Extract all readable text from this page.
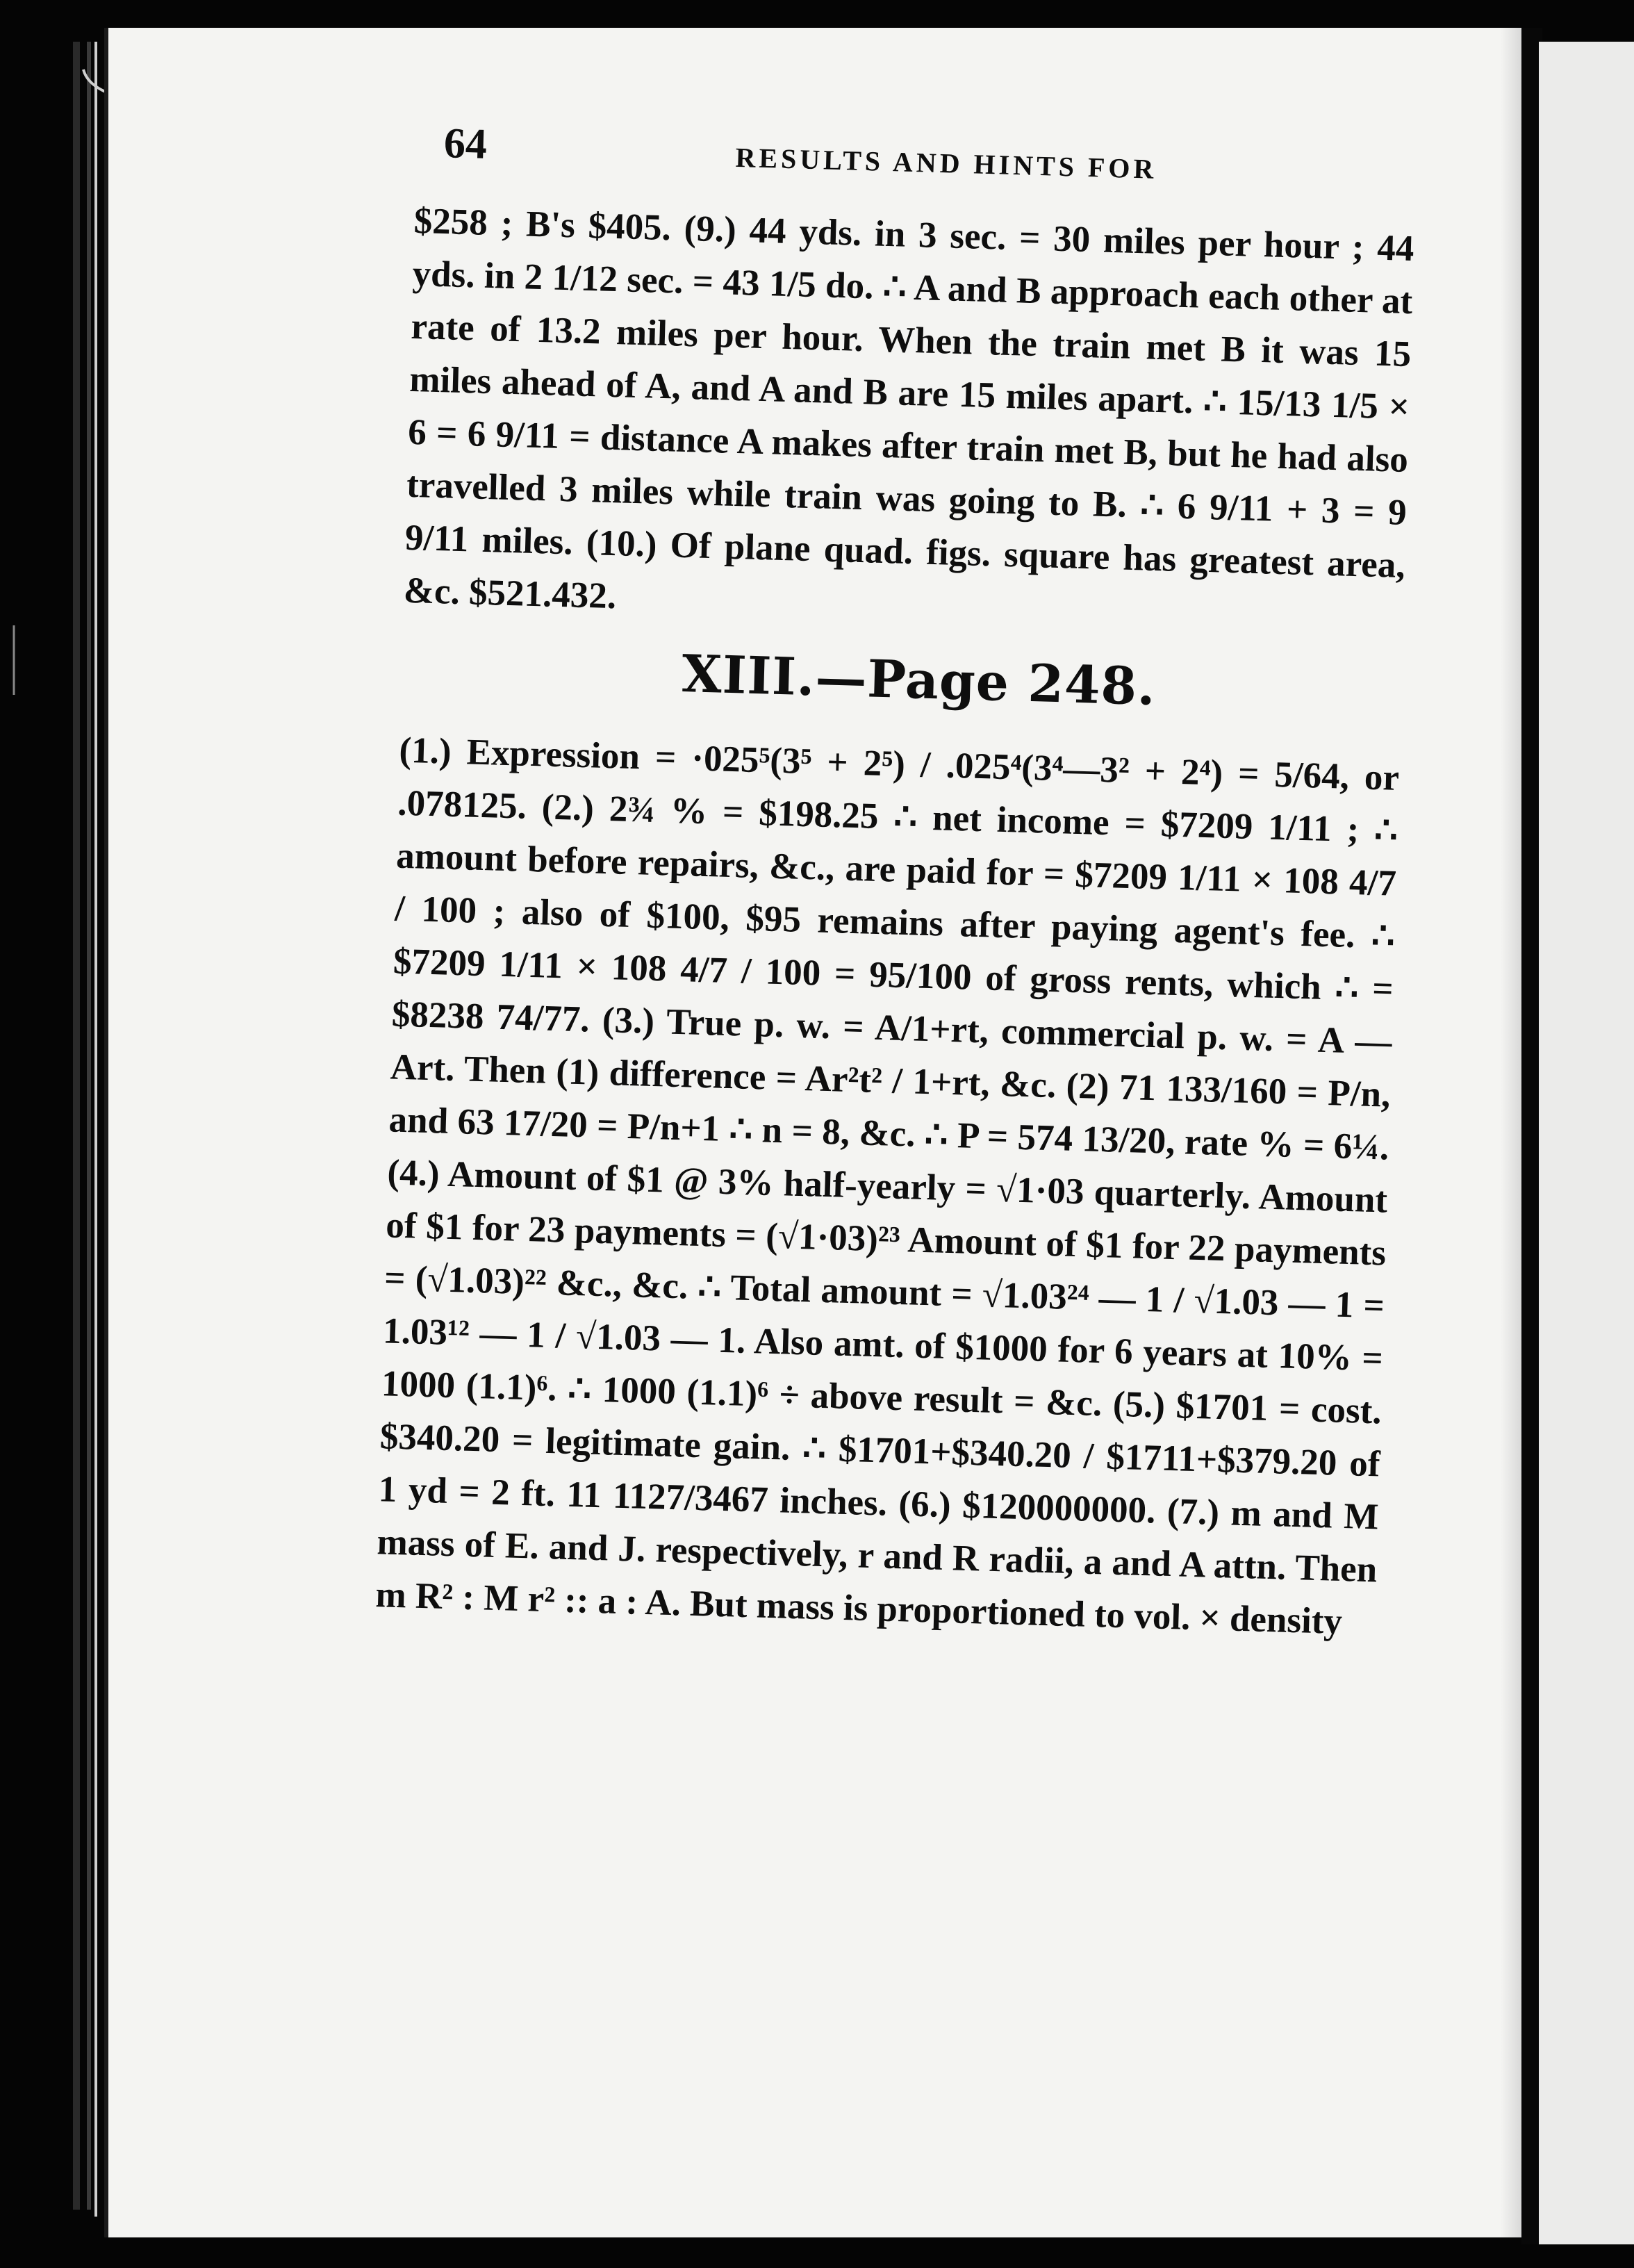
64	RESULTS AND HINTS FOR

$258 ; B's $405. (9.) 44 yds. in 3 sec. = 30 miles per hour ; 44 yds. in 2 1/12 sec. = 43 1/5 do. ∴ A and B approach each other at rate of 13.2 miles per hour. When the train met B it was 15 miles ahead of A, and A and B are 15 miles apart. ∴ 15/13 1/5 × 6 = 6 9/11 = distance A makes after train met B, but he had also travelled 3 miles while train was going to B. ∴ 6 9/11 + 3 = 9 9/11 miles. (10.) Of plane quad. figs. square has greatest area, &c. $521.432.

XIII.—Page 248.

(1.) Expression = ·025⁵(3⁵ + 2⁵) / .025⁴(3⁴—3² + 2⁴) = 5/64, or .078125. (2.) 2¾ % = $198.25 ∴ net income = $7209 1/11 ; ∴ amount before repairs, &c., are paid for = $7209 1/11 × 108 4/7 / 100 ; also of $100, $95 remains after paying agent's fee. ∴ $7209 1/11 × 108 4/7 / 100 = 95/100 of gross rents, which ∴ = $8238 74/77. (3.) True p. w. = A/1+rt, commercial p. w. = A —Art. Then (1) difference = Ar²t² / 1+rt, &c. (2) 71 133/160 = P/n, and 63 17/20 = P/n+1 ∴ n = 8, &c. ∴ P = 574 13/20, rate % = 6¼. (4.) Amount of $1 @ 3% half-yearly = √1·03 quarterly. Amount of $1 for 23 payments = (√1·03)²³ Amount of $1 for 22 payments = (√1.03)²² &c., &c. ∴ Total amount = √1.03²⁴ — 1 / √1.03 — 1 = 1.03¹² — 1 / √1.03 — 1. Also amt. of $1000 for 6 years at 10% = 1000 (1.1)⁶. ∴ 1000 (1.1)⁶ ÷ above result = &c. (5.) $1701 = cost. $340.20 = legitimate gain. ∴ $1701+$340.20 / $1711+$379.20 of 1 yd = 2 ft. 11 1127/3467 inches. (6.) $120000000. (7.) m and M mass of E. and J. respectively, r and R radii, a and A attn. Then m R² : M r² :: a : A. But mass is proportioned to vol. × density
